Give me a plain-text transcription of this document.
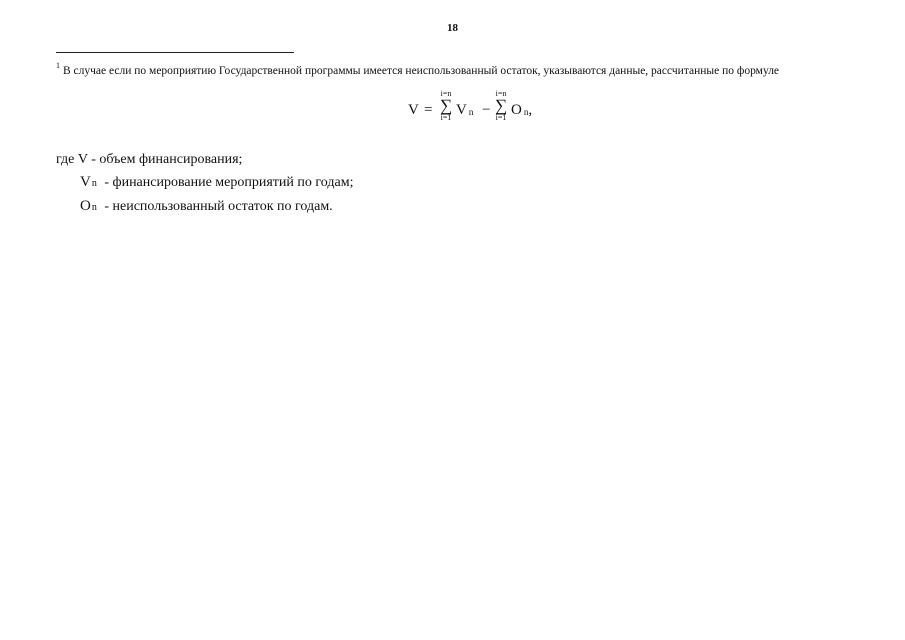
18
$^1$ В случае если по мероприятию Государственной программы имеется неиспользованный остаток, указываются данные, рассчитанные по формуле
V =
i=n
∑
i=1 Vn −
i=n
∑
i=1 On,
где V - объем финансирования;
Vn - финансирование мероприятий по годам;
On - неиспользованный остаток по годам.
